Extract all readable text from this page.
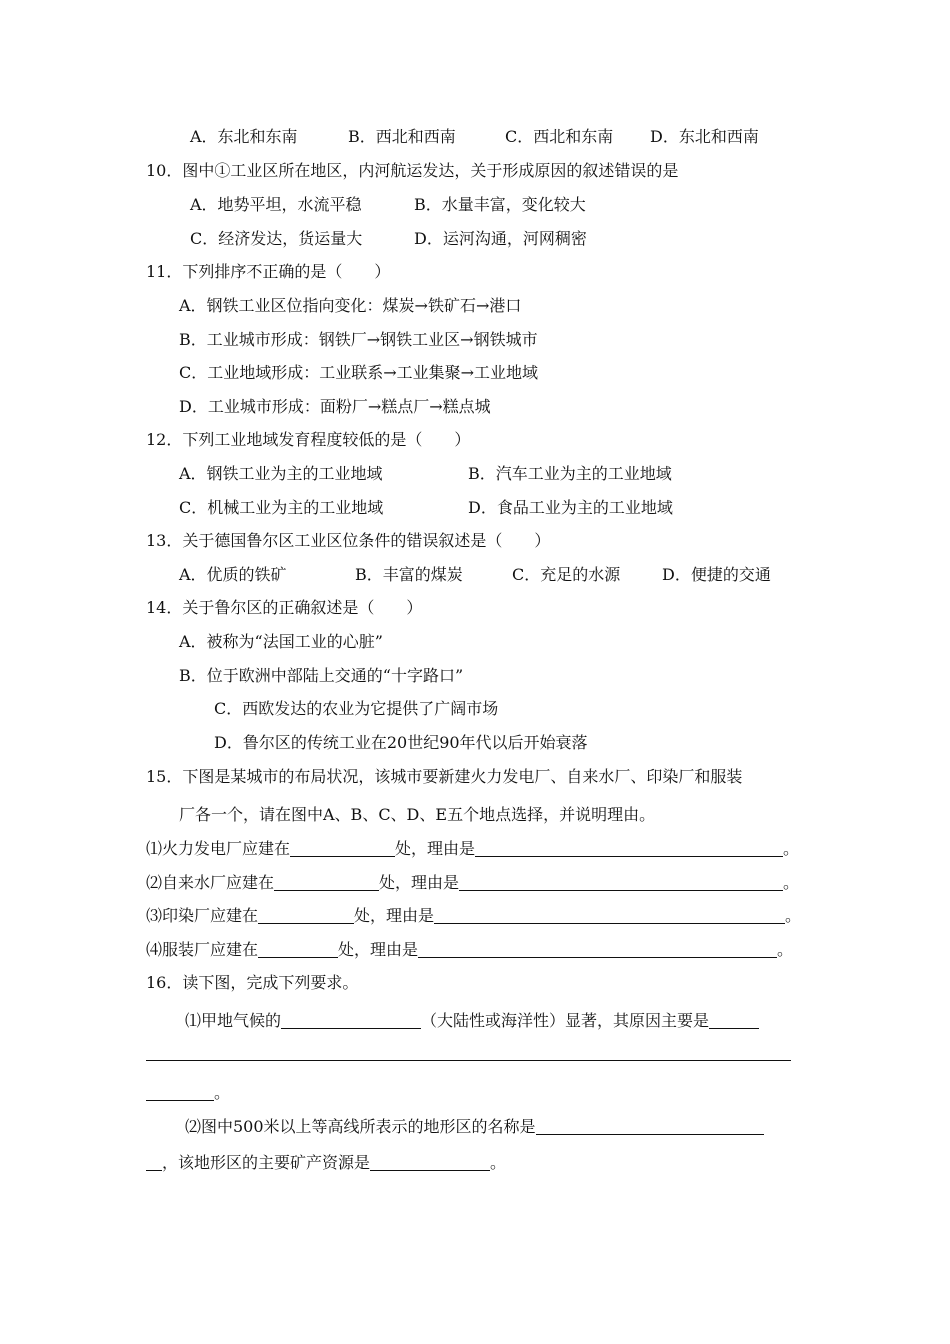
A．东北和东南	B．西北和西南	C．西北和东南 D．东北和西南
10．图中①工业区所在地区，内河航运发达，关于形成原因的叙述错误的是
A．地势平坦，水流平稳	B．水量丰富，变化较大
C．经济发达，货运量大	D．运河沟通，河网稠密
11．下列排序不正确的是（　　）
A．钢铁工业区位指向变化：煤炭→铁矿石→港口
B．工业城市形成：钢铁厂→钢铁工业区→钢铁城市
C．工业地域形成：工业联系→工业集聚→工业地域
D．工业城市形成：面粉厂→糕点厂→糕点城
12．下列工业地域发育程度较低的是（　　）
A．钢铁工业为主的工业地域	B．汽车工业为主的工业地域
C．机械工业为主的工业地域	D．食品工业为主的工业地域
13．关于德国鲁尔区工业区位条件的错误叙述是（　　）
A．优质的铁矿	B．丰富的煤炭	C．充足的水源	D．便捷的交通
14．关于鲁尔区的正确叙述是（　　）
A．被称为“法国工业的心脏”
B．位于欧洲中部陆上交通的“十字路口”
C．西欧发达的农业为它提供了广阔市场
D．鲁尔区的传统工业在20世纪90年代以后开始衰落
15．下图是某城市的布局状况，该城市要新建火力发电厂、自来水厂、印染厂和服装
厂各一个，请在图中A、B、C、D、E五个地点选择，并说明理由。
⑴火力发电厂应建在	处，理由是	。
⑵自来水厂应建在	处，理由是	。
⑶印染厂应建在	处，理由是	。
⑷服装厂应建在	处，理由是	。
16．读下图，完成下列要求。
⑴甲地气候的	（大陆性或海洋性）显著，其原因主要是
。
⑵图中500米以上等高线所表示的地形区的名称是
，该地形区的主要矿产资源是	。
